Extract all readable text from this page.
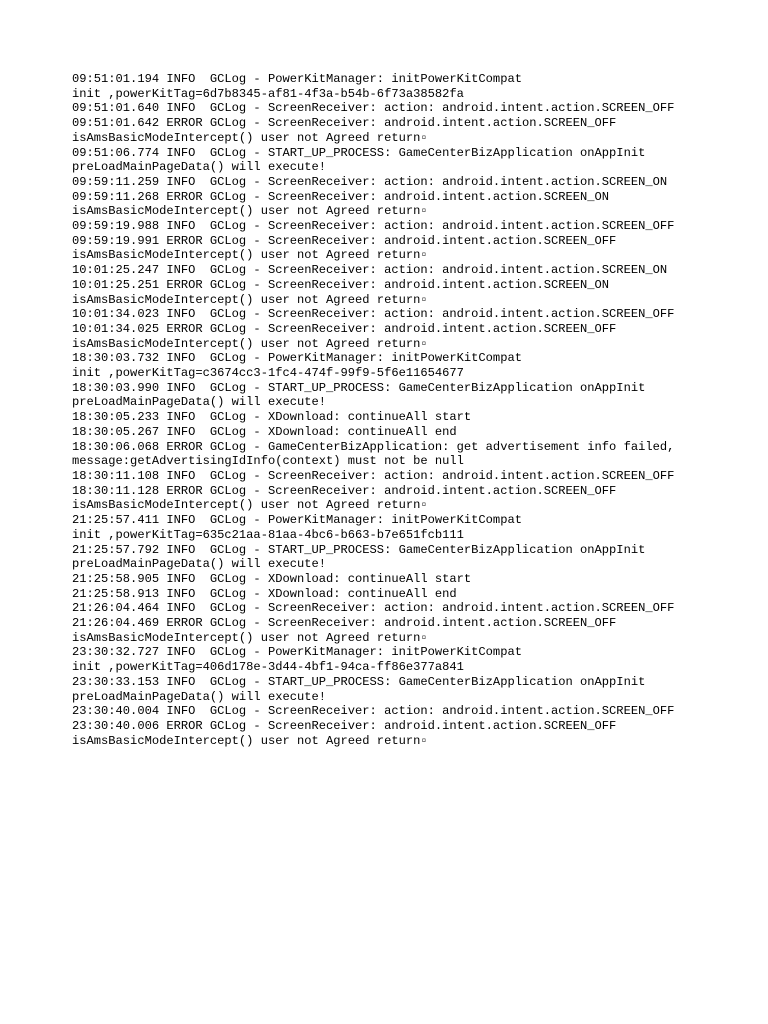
09:51:01.194 INFO  GCLog - PowerKitManager: initPowerKitCompat
init ,powerKitTag=6d7b8345-af81-4f3a-b54b-6f73a38582fa
09:51:01.640 INFO  GCLog - ScreenReceiver: action: android.intent.action.SCREEN_OFF
09:51:01.642 ERROR GCLog - ScreenReceiver: android.intent.action.SCREEN_OFF
isAmsBasicModeIntercept() user not Agreed return▫
09:51:06.774 INFO  GCLog - START_UP_PROCESS: GameCenterBizApplication onAppInit
preLoadMainPageData() will execute!
09:59:11.259 INFO  GCLog - ScreenReceiver: action: android.intent.action.SCREEN_ON
09:59:11.268 ERROR GCLog - ScreenReceiver: android.intent.action.SCREEN_ON
isAmsBasicModeIntercept() user not Agreed return▫
09:59:19.988 INFO  GCLog - ScreenReceiver: action: android.intent.action.SCREEN_OFF
09:59:19.991 ERROR GCLog - ScreenReceiver: android.intent.action.SCREEN_OFF
isAmsBasicModeIntercept() user not Agreed return▫
10:01:25.247 INFO  GCLog - ScreenReceiver: action: android.intent.action.SCREEN_ON
10:01:25.251 ERROR GCLog - ScreenReceiver: android.intent.action.SCREEN_ON
isAmsBasicModeIntercept() user not Agreed return▫
10:01:34.023 INFO  GCLog - ScreenReceiver: action: android.intent.action.SCREEN_OFF
10:01:34.025 ERROR GCLog - ScreenReceiver: android.intent.action.SCREEN_OFF
isAmsBasicModeIntercept() user not Agreed return▫
18:30:03.732 INFO  GCLog - PowerKitManager: initPowerKitCompat
init ,powerKitTag=c3674cc3-1fc4-474f-99f9-5f6e11654677
18:30:03.990 INFO  GCLog - START_UP_PROCESS: GameCenterBizApplication onAppInit
preLoadMainPageData() will execute!
18:30:05.233 INFO  GCLog - XDownload: continueAll start
18:30:05.267 INFO  GCLog - XDownload: continueAll end
18:30:06.068 ERROR GCLog - GameCenterBizApplication: get advertisement info failed,
message:getAdvertisingIdInfo(context) must not be null
18:30:11.108 INFO  GCLog - ScreenReceiver: action: android.intent.action.SCREEN_OFF
18:30:11.128 ERROR GCLog - ScreenReceiver: android.intent.action.SCREEN_OFF
isAmsBasicModeIntercept() user not Agreed return▫
21:25:57.411 INFO  GCLog - PowerKitManager: initPowerKitCompat
init ,powerKitTag=635c21aa-81aa-4bc6-b663-b7e651fcb111
21:25:57.792 INFO  GCLog - START_UP_PROCESS: GameCenterBizApplication onAppInit
preLoadMainPageData() will execute!
21:25:58.905 INFO  GCLog - XDownload: continueAll start
21:25:58.913 INFO  GCLog - XDownload: continueAll end
21:26:04.464 INFO  GCLog - ScreenReceiver: action: android.intent.action.SCREEN_OFF
21:26:04.469 ERROR GCLog - ScreenReceiver: android.intent.action.SCREEN_OFF
isAmsBasicModeIntercept() user not Agreed return▫
23:30:32.727 INFO  GCLog - PowerKitManager: initPowerKitCompat
init ,powerKitTag=406d178e-3d44-4bf1-94ca-ff86e377a841
23:30:33.153 INFO  GCLog - START_UP_PROCESS: GameCenterBizApplication onAppInit
preLoadMainPageData() will execute!
23:30:40.004 INFO  GCLog - ScreenReceiver: action: android.intent.action.SCREEN_OFF
23:30:40.006 ERROR GCLog - ScreenReceiver: android.intent.action.SCREEN_OFF
isAmsBasicModeIntercept() user not Agreed return▫
